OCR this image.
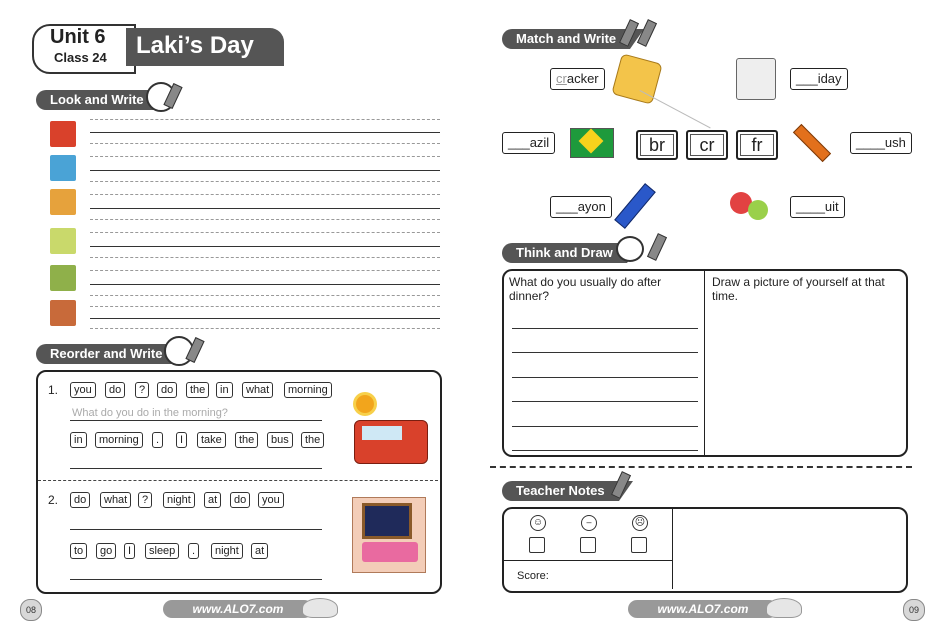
Unit 6
Class 24 Laki’s Day
Look and Write
Reorder and Write
1.	you	do	?	do	the	in	what	morning
What do you do in the morning?
in	morning	.	I	take	the	bus	the
2.	do	what	?	night	at	do	you
to	go	I	sleep	.	night	at
08	www.ALO7.com
Match and Write
cracker	___iday
___azil	br	cr	fr	____ush
___ayon	____uit
Think and Draw
What do you usually do after dinner?
Draw a picture of yourself at that time.
Teacher Notes
☺	–	☹
Score:
www.ALO7.com	09
